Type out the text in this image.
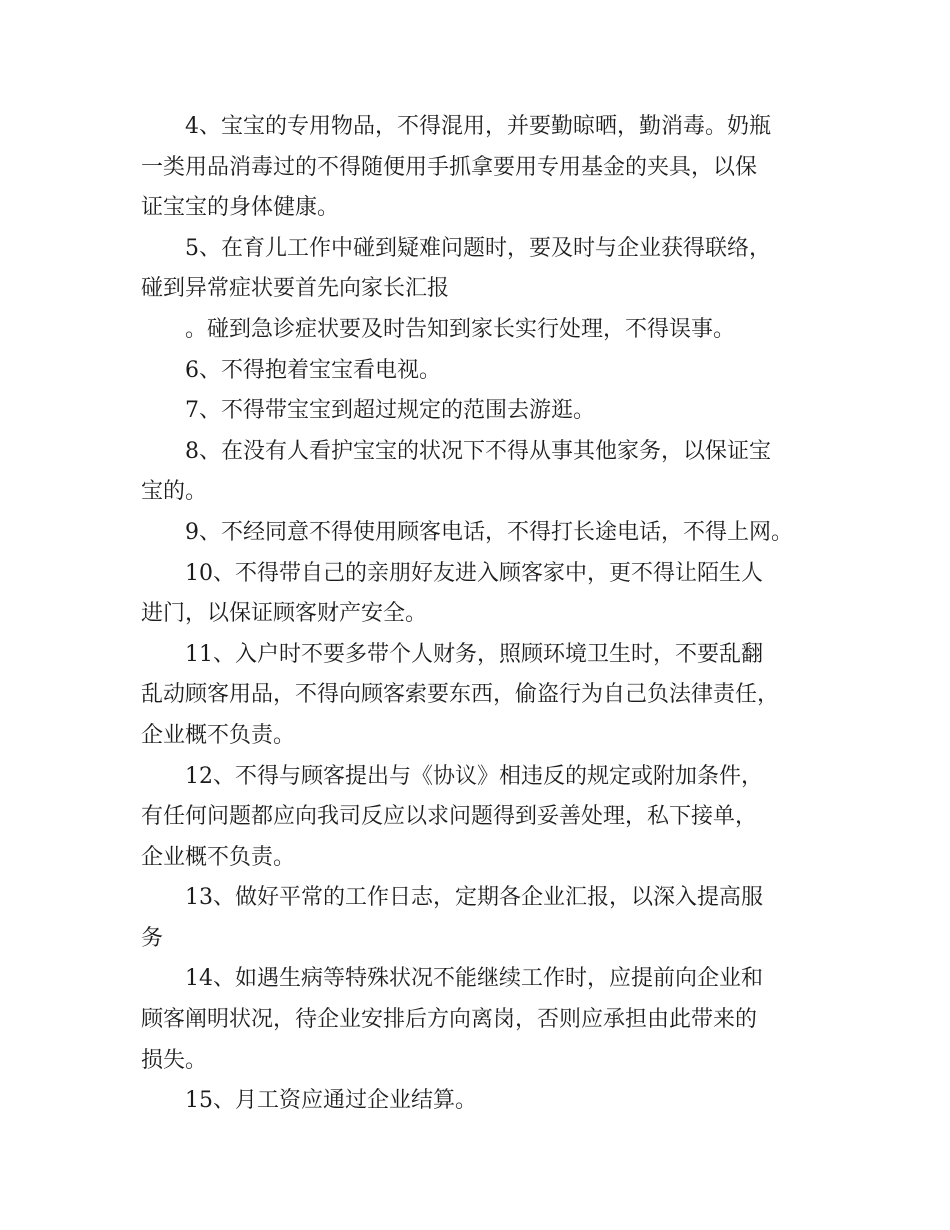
4、宝宝的专用物品，不得混用，并要勤晾晒，勤消毒。奶瓶
一类用品消毒过的不得随便用手抓拿要用专用基金的夹具，以保
证宝宝的身体健康。
5、在育儿工作中碰到疑难问题时，要及时与企业获得联络，
碰到异常症状要首先向家长汇报
。碰到急诊症状要及时告知到家长实行处理，不得误事。
6、不得抱着宝宝看电视。
7、不得带宝宝到超过规定的范围去游逛。
8、在没有人看护宝宝的状况下不得从事其他家务，以保证宝
宝的。
9、不经同意不得使用顾客电话，不得打长途电话，不得上网。
10、不得带自己的亲朋好友进入顾客家中，更不得让陌生人
进门，以保证顾客财产安全。
11、入户时不要多带个人财务，照顾环境卫生时，不要乱翻
乱动顾客用品，不得向顾客索要东西，偷盗行为自己负法律责任，
企业概不负责。
12、不得与顾客提出与《协议》相违反的规定或附加条件，
有任何问题都应向我司反应以求问题得到妥善处理，私下接单，
企业概不负责。
13、做好平常的工作日志，定期各企业汇报，以深入提高服
务
14、如遇生病等特殊状况不能继续工作时，应提前向企业和
顾客阐明状况，待企业安排后方向离岗，否则应承担由此带来的
损失。
15、月工资应通过企业结算。
